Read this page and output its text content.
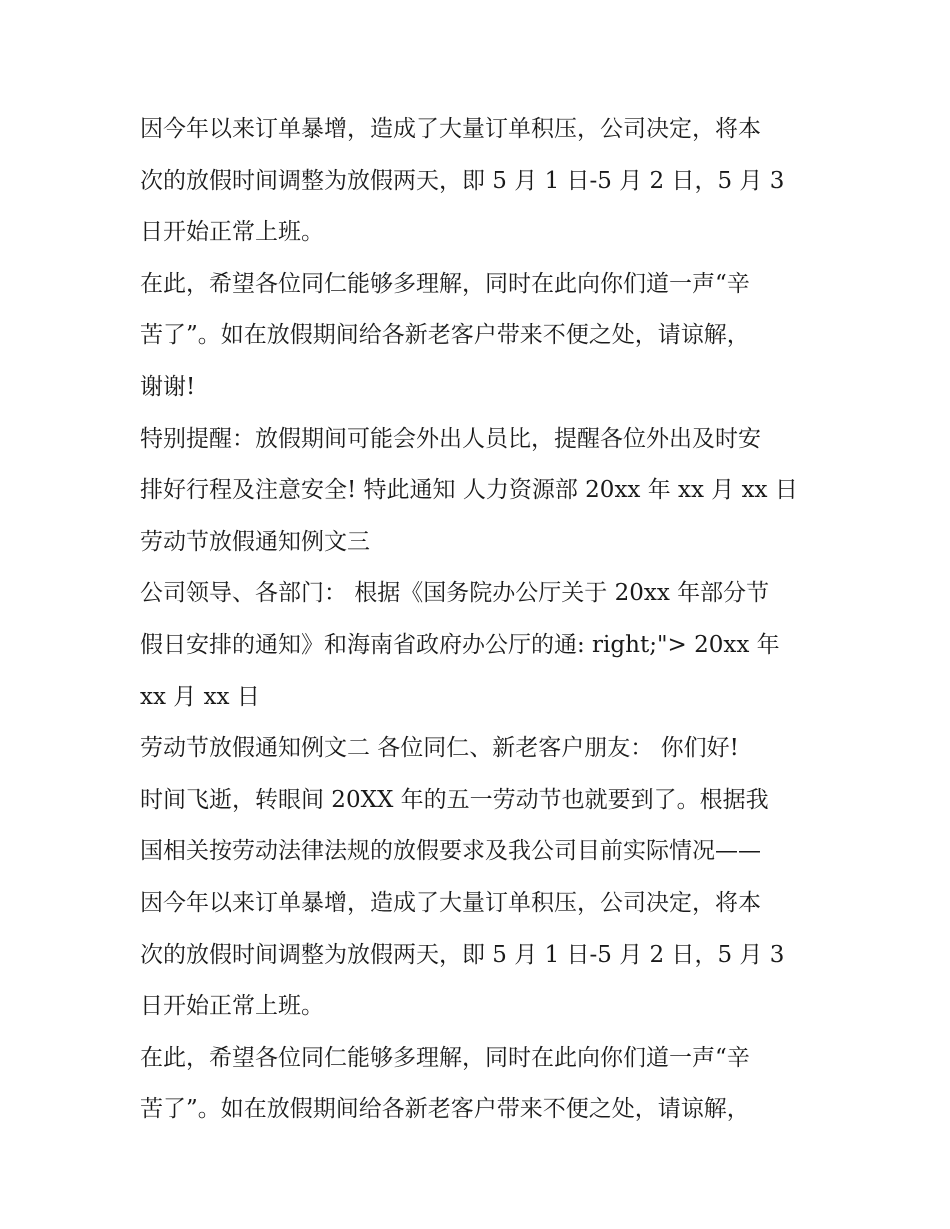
因今年以来订单暴增，造成了大量订单积压，公司决定，将本
次的放假时间调整为放假两天，即 5 月 1 日-5 月 2 日，5 月 3
日开始正常上班。
在此，希望各位同仁能够多理解，同时在此向你们道一声“辛
苦了”。如在放假期间给各新老客户带来不便之处，请谅解，
谢谢!
特别提醒：放假期间可能会外出人员比，提醒各位外出及时安
排好行程及注意安全! 特此通知 人力资源部 20xx 年 xx 月 xx 日
劳动节放假通知例文三
公司领导、各部门： 根据《国务院办公厅关于 20xx 年部分节
假日安排的通知》和海南省政府办公厅的通: right;"> 20xx 年
xx 月 xx 日
劳动节放假通知例文二 各位同仁、新老客户朋友： 你们好!
时间飞逝，转眼间 20XX 年的五一劳动节也就要到了。根据我
国相关按劳动法律法规的放假要求及我公司目前实际情况——
因今年以来订单暴增，造成了大量订单积压，公司决定，将本
次的放假时间调整为放假两天，即 5 月 1 日-5 月 2 日，5 月 3
日开始正常上班。
在此，希望各位同仁能够多理解，同时在此向你们道一声“辛
苦了”。如在放假期间给各新老客户带来不便之处，请谅解，
